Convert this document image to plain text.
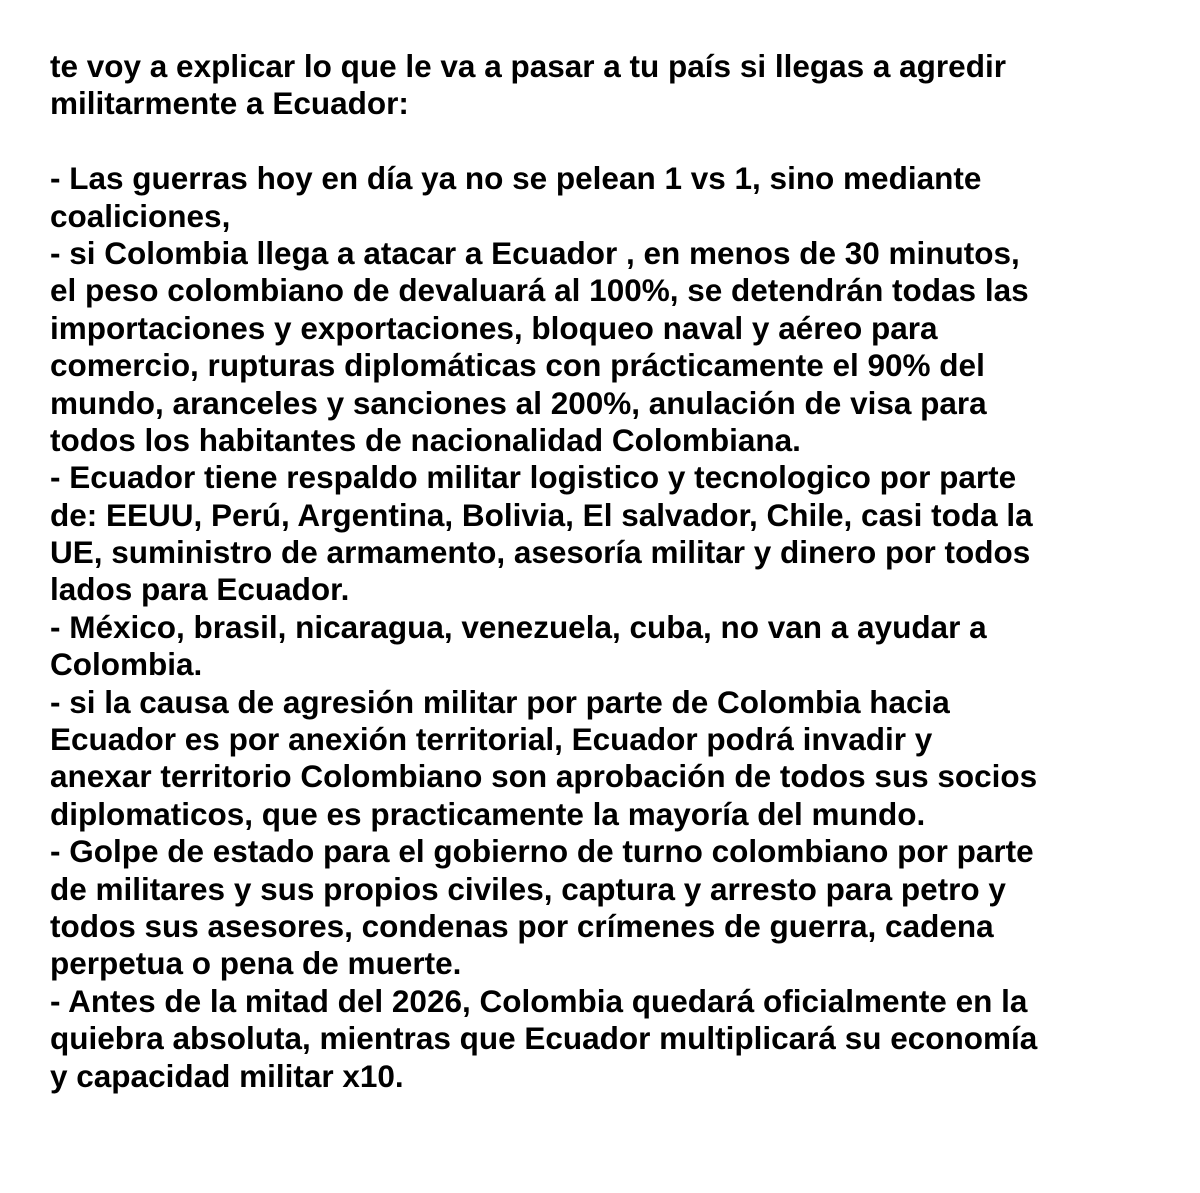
te voy a explicar lo que le va a pasar a tu país si llegas a agredir
militarmente a Ecuador:
- Las guerras hoy en día ya no se pelean 1 vs 1, sino mediante
coaliciones,
- si Colombia llega a atacar a Ecuador , en menos de 30 minutos,
el peso colombiano de devaluará al 100%, se detendrán todas las
importaciones y exportaciones, bloqueo naval y aéreo para
comercio, rupturas diplomáticas con prácticamente el 90% del
mundo, aranceles y sanciones al 200%, anulación de visa para
todos los habitantes de nacionalidad Colombiana.
- Ecuador tiene respaldo militar logistico y tecnologico por parte
de: EEUU, Perú, Argentina, Bolivia, El salvador, Chile, casi toda la
UE, suministro de armamento, asesoría militar y dinero por todos
lados para Ecuador.
- México, brasil, nicaragua, venezuela, cuba, no van a ayudar a
Colombia.
- si la causa de agresión militar por parte de Colombia hacia
Ecuador es por anexión territorial, Ecuador podrá invadir y
anexar territorio Colombiano son aprobación de todos sus socios
diplomaticos, que es practicamente la mayoría del mundo.
- Golpe de estado para el gobierno de turno colombiano por parte
de militares y sus propios civiles, captura y arresto para petro y
todos sus asesores, condenas por crímenes de guerra, cadena
perpetua o pena de muerte.
- Antes de la mitad del 2026, Colombia quedará oficialmente en la
quiebra absoluta, mientras que Ecuador multiplicará su economía
y capacidad militar x10.
